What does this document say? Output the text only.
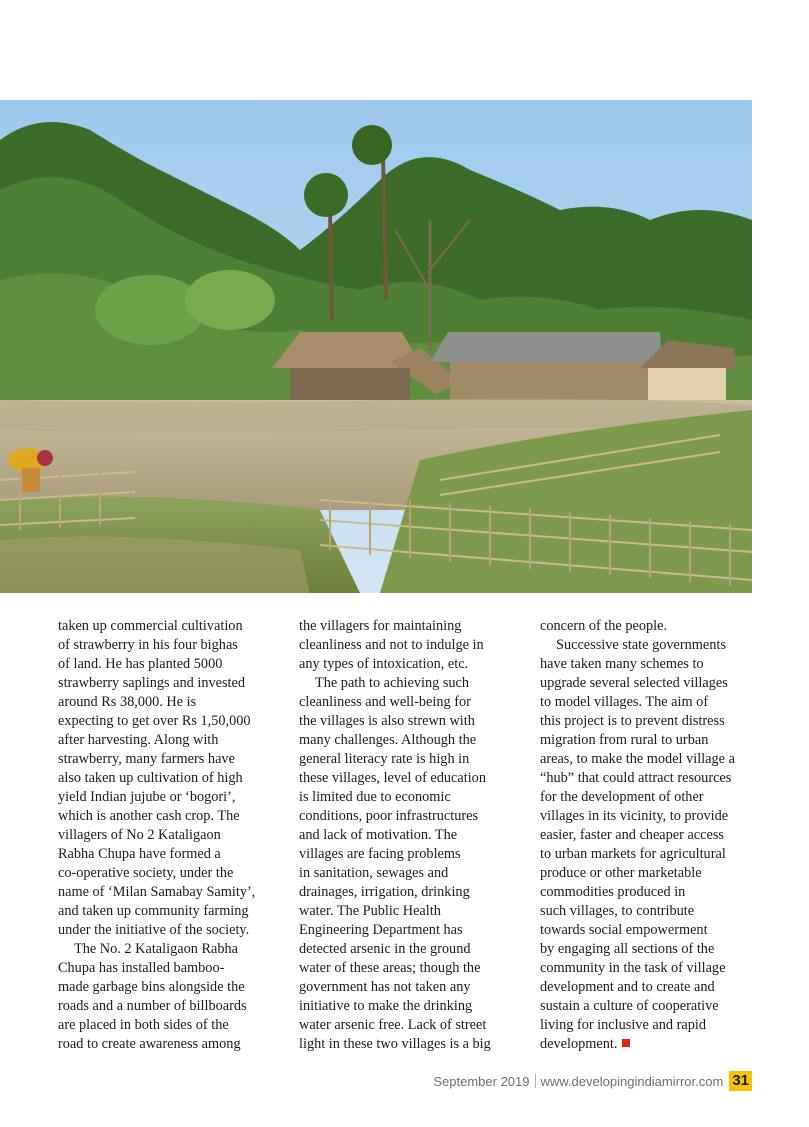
taken up commercial cultivation
of strawberry in his four bighas
of land. He has planted 5000
strawberry saplings and invested
around Rs 38,000. He is
expecting to get over Rs 1,50,000
after harvesting. Along with
strawberry, many farmers have
also taken up cultivation of high
yield Indian jujube or ‘bogori’,
which is another cash crop. The
villagers of No 2 Kataligaon
Rabha Chupa have formed a
co-operative society, under the
name of ‘Milan Samabay Samity’,
and taken up community farming
under the initiative of the society.
The No. 2 Kataligaon Rabha
Chupa has installed bamboo-
made garbage bins alongside the
roads and a number of billboards
are placed in both sides of the
road to create awareness among
the villagers for maintaining
cleanliness and not to indulge in
any types of intoxication, etc.
The path to achieving such
cleanliness and well-being for
the villages is also strewn with
many challenges. Although the
general literacy rate is high in
these villages, level of education
is limited due to economic
conditions, poor infrastructures
and lack of motivation. The
villages are facing problems
in sanitation, sewages and
drainages, irrigation, drinking
water. The Public Health
Engineering Department has
detected arsenic in the ground
water of these areas; though the
government has not taken any
initiative to make the drinking
water arsenic free. Lack of street
light in these two villages is a big
concern of the people.
Successive state governments
have taken many schemes to
upgrade several selected villages
to model villages. The aim of
this project is to prevent distress
migration from rural to urban
areas, to make the model village a
“hub” that could attract resources
for the development of other
villages in its vicinity, to provide
easier, faster and cheaper access
to urban markets for agricultural
produce or other marketable
commodities produced in
such villages, to contribute
towards social empowerment
by engaging all sections of the
community in the task of village
development and to create and
sustain a culture of cooperative
living for inclusive and rapid
development.
September 2019 www.developingindiamirror.com 31
